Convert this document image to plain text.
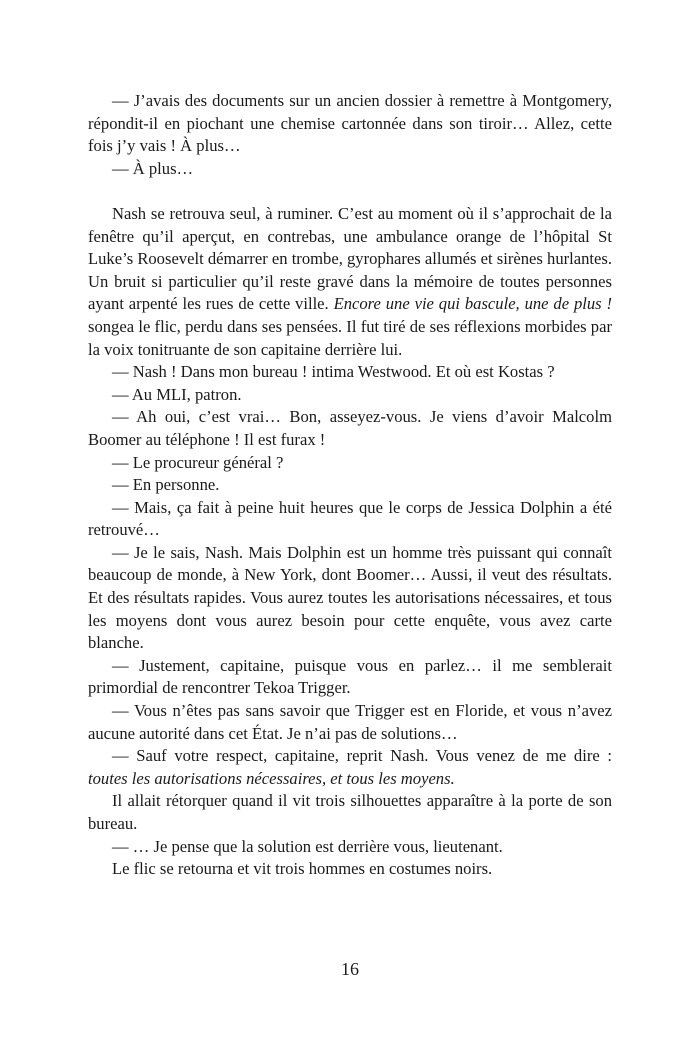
— J’avais des documents sur un ancien dossier à remettre à Montgomery, répondit-il en piochant une chemise cartonnée dans son tiroir… Allez, cette fois j’y vais ! À plus…

— À plus…

Nash se retrouva seul, à ruminer. C’est au moment où il s’approchait de la fenêtre qu’il aperçut, en contrebas, une ambulance orange de l’hôpital St Luke’s Roosevelt démarrer en trombe, gyrophares allumés et sirènes hurlantes. Un bruit si particulier qu’il reste gravé dans la mémoire de toutes personnes ayant arpenté les rues de cette ville. Encore une vie qui bascule, une de plus ! songea le flic, perdu dans ses pensées. Il fut tiré de ses réflexions morbides par la voix tonitruante de son capitaine derrière lui.

— Nash ! Dans mon bureau ! intima Westwood. Et où est Kostas ?

— Au MLI, patron.

— Ah oui, c’est vrai… Bon, asseyez-vous. Je viens d’avoir Malcolm Boomer au téléphone ! Il est furax !

— Le procureur général ?

— En personne.

— Mais, ça fait à peine huit heures que le corps de Jessica Dolphin a été retrouvé…

— Je le sais, Nash. Mais Dolphin est un homme très puissant qui connaît beaucoup de monde, à New York, dont Boomer… Aussi, il veut des résultats. Et des résultats rapides. Vous aurez toutes les autorisations nécessaires, et tous les moyens dont vous aurez besoin pour cette enquête, vous avez carte blanche.

— Justement, capitaine, puisque vous en parlez… il me semblerait primordial de rencontrer Tekoa Trigger.

— Vous n’êtes pas sans savoir que Trigger est en Floride, et vous n’avez aucune autorité dans cet État. Je n’ai pas de solutions…

— Sauf votre respect, capitaine, reprit Nash. Vous venez de me dire : toutes les autorisations nécessaires, et tous les moyens.

Il allait rétorquer quand il vit trois silhouettes apparaître à la porte de son bureau.

— … Je pense que la solution est derrière vous, lieutenant.

Le flic se retourna et vit trois hommes en costumes noirs.

16
